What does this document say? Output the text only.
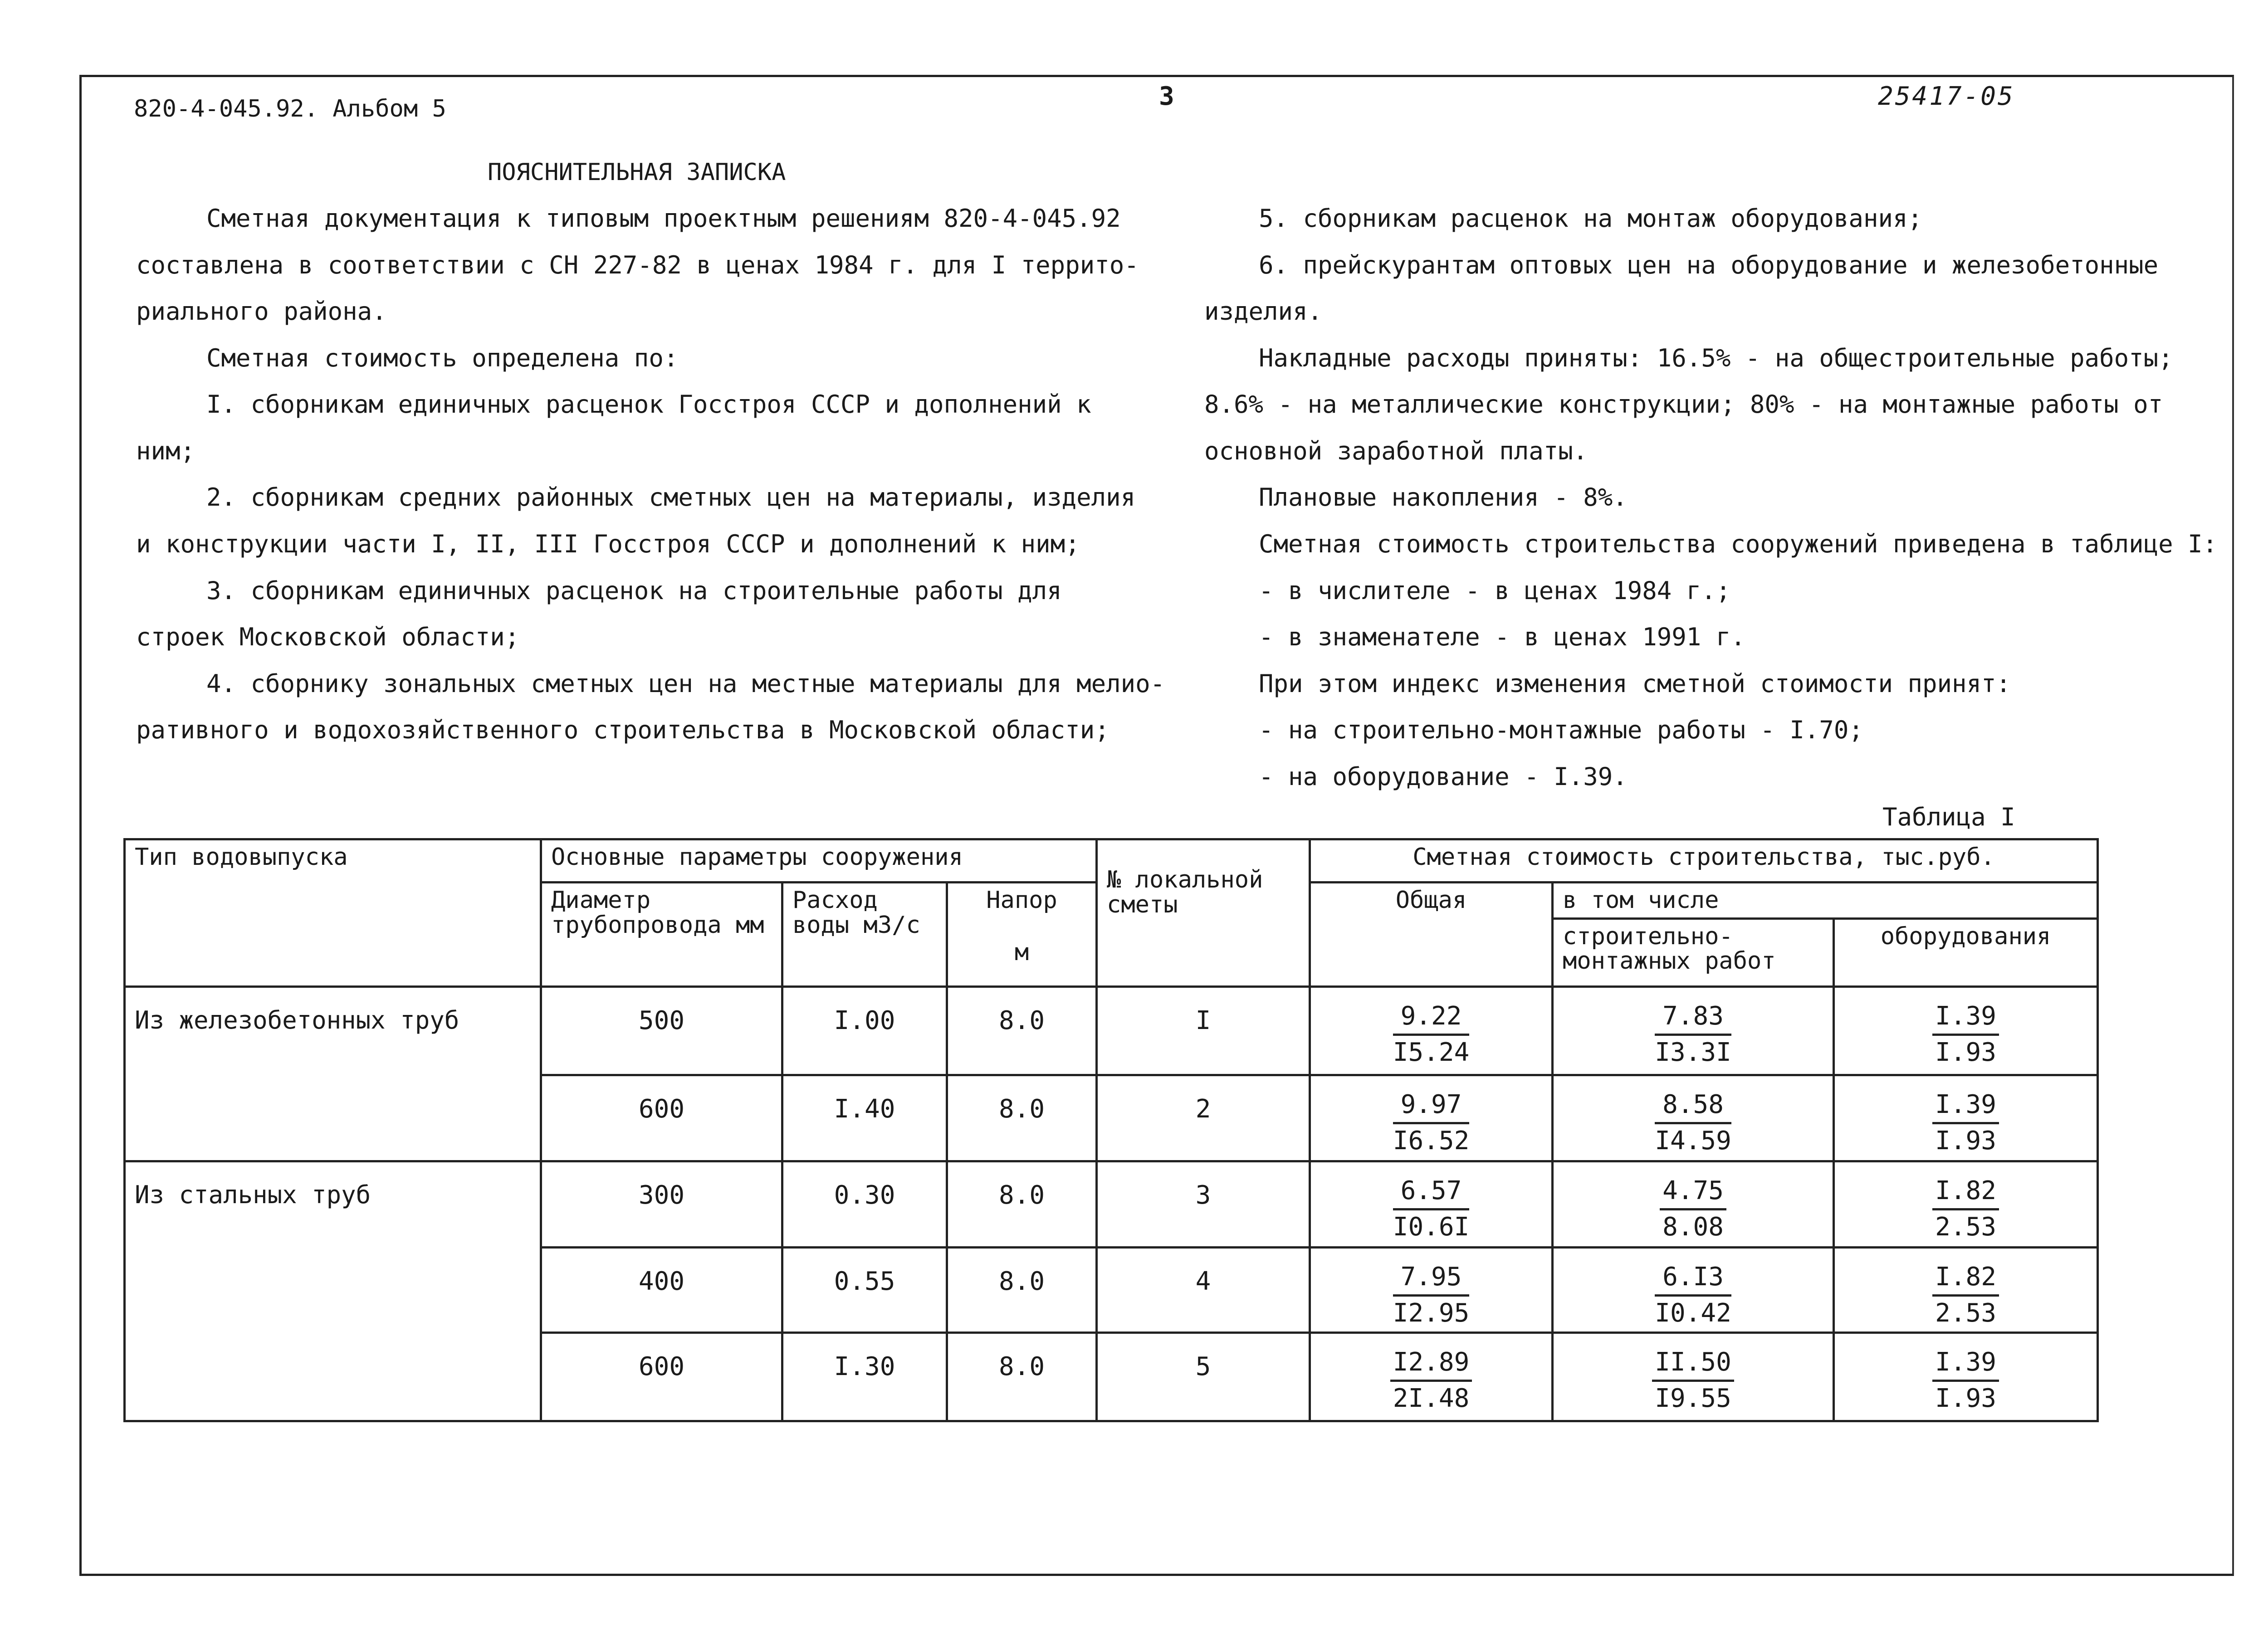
820-4-045.92. Альбом 5	3	25417-05
ПОЯСНИТЕЛЬНАЯ ЗАПИСКА
Сметная документация к типовым проектным решениям 820-4-045.92
составлена в соответствии с СН 227-82 в ценах 1984 г. для I террито-
риального района.
Сметная стоимость определена по:
I. сборникам единичных расценок Госстроя СССР и дополнений к
ним;
2. сборникам средних районных сметных цен на материалы, изделия
и конструкции части I, II, III Госстроя СССР и дополнений к ним;
3. сборникам единичных расценок на строительные работы для
строек Московской области;
4. сборнику зональных сметных цен на местные материалы для мелио-
ративного и водохозяйственного строительства в Московской области;
5. сборникам расценок на монтаж оборудования;
6. прейскурантам оптовых цен на оборудование и железобетонные
изделия.
Накладные расходы приняты: 16.5% - на общестроительные работы;
8.6% - на металлические конструкции; 80% - на монтажные работы от
основной заработной платы.
Плановые накопления - 8%.
Сметная стоимость строительства сооружений приведена в таблице I:
- в числителе - в ценах 1984 г.;
- в знаменателе - в ценах 1991 г.
При этом индекс изменения сметной стоимости принят:
- на строительно-монтажные работы - I.70;
- на оборудование - I.39.
Таблица I
Тип водовыпуска	Основные параметры сооружения			№ локальной сметы	Сметная стоимость строительства, тыс.руб.		
	Диаметр трубопровода мм	Расход воды м3/с	Напор
м		Общая	в том числе	
						строительно-монтажных работ	оборудования
Из железобетонных труб	500	I.00	8.0	I	$\frac{9.22}{I5.24}$	$\frac{7.83}{I3.3I}$	$\frac{I.39}{I.93}$

	600	I.40	8.0	2	$\frac{9.97}{I6.52}$	$\frac{8.58}{I4.59}$	$\frac{I.39}{I.93}$

Из стальных труб	300	0.30	8.0	3	$\frac{6.57}{I0.6I}$	$\frac{4.75}{8.08}$	$\frac{I.82}{2.53}$

	400	0.55	8.0	4	$\frac{7.95}{I2.95}$	$\frac{6.I3}{I0.42}$	$\frac{I.82}{2.53}$

	600	I.30	8.0	5	$\frac{I2.89}{2I.48}$	$\frac{II.50}{I9.55}$	$\frac{I.39}{I.93}$
